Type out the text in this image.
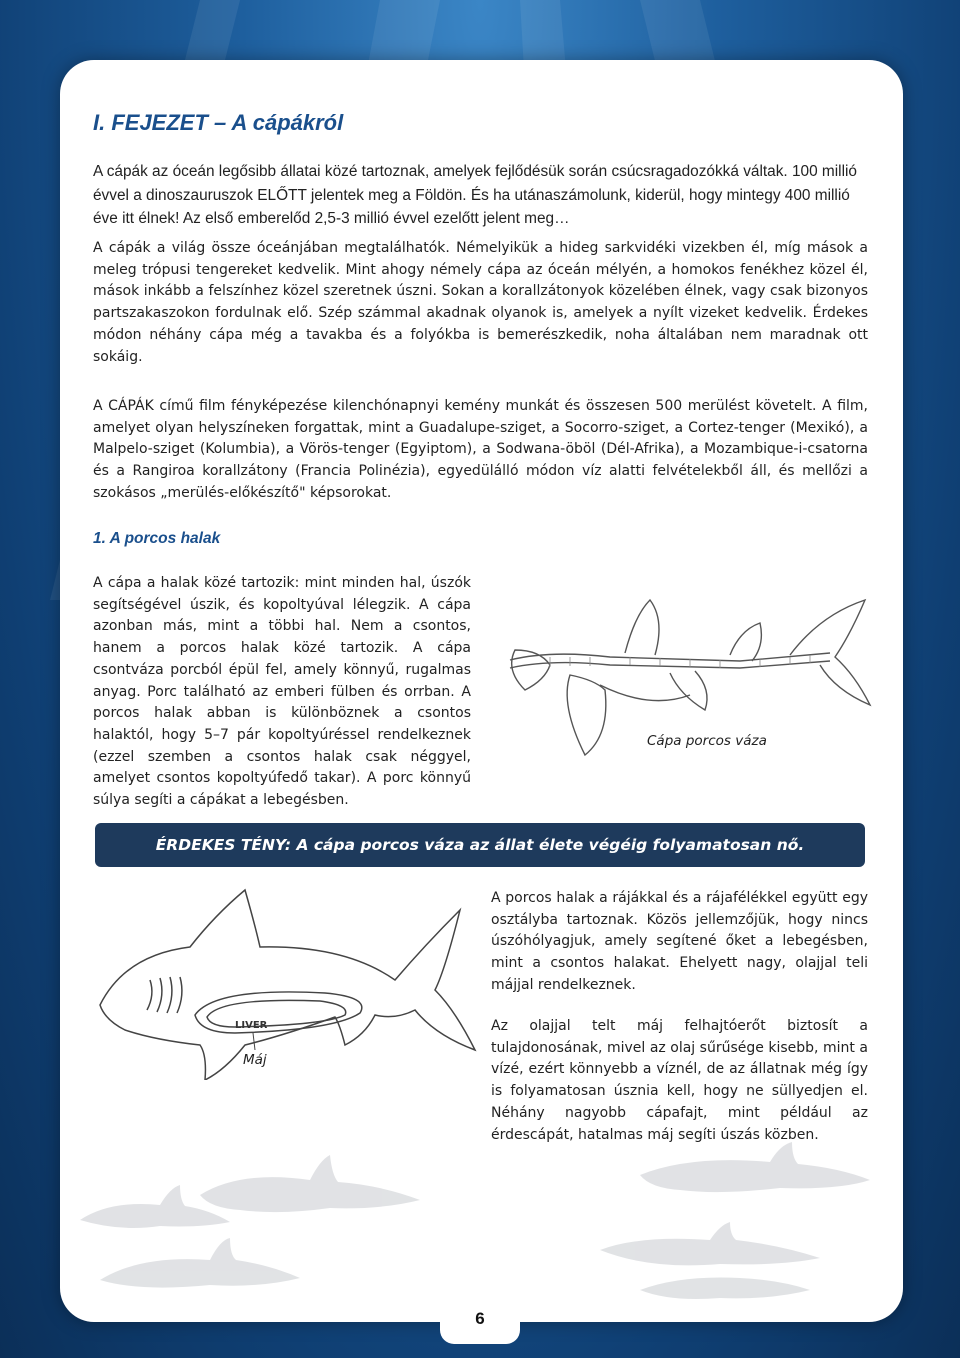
I. FEJEZET – A cápákról
A cápák az óceán legősibb állatai közé tartoznak, amelyek fejlődésük során csúcsragadozókká váltak. 100 millió évvel a dinoszauruszok ELŐTT jelentek meg a Földön. És ha utánaszámolunk, kiderül, hogy mintegy 400 millió éve itt élnek! Az első emberelőd 2,5-3 millió évvel ezelőtt jelent meg…
A cápák a világ össze óceánjában megtalálhatók. Némelyikük a hideg sarkvidéki vizekben él, míg mások a meleg trópusi tengereket kedvelik. Mint ahogy némely cápa az óceán mélyén, a homokos fenékhez közel él, mások inkább a felszínhez közel szeretnek úszni. Sokan a korallzátonyok közelében élnek, vagy csak bizonyos partszakaszokon fordulnak elő. Szép számmal akadnak olyanok is, amelyek a nyílt vizeket kedvelik. Érdekes módon néhány cápa még a tavakba és a folyókba is bemerészkedik, noha általában nem maradnak ott sokáig.
A CÁPÁK című film fényképezése kilenchónapnyi kemény munkát és összesen 500 merülést követelt. A film, amelyet olyan helyszíneken forgattak, mint a Guadalupe-sziget, a Socorro-sziget, a Cortez-tenger (Mexikó), a Malpelo-sziget (Kolumbia), a Vörös-tenger (Egyiptom), a Sodwana-öböl (Dél-Afrika), a Mozambique-i-csatorna és a Rangiroa korallzátony (Francia Polinézia), egyedülálló módon víz alatti felvételekből áll, és mellőzi a szokásos „merülés-előkészítő" képsorokat.
1. A porcos halak
A cápa a halak közé tartozik: mint minden hal, úszók segítségével úszik, és kopoltyúval lélegzik. A cápa azonban más, mint a többi hal. Nem a csontos, hanem a porcos halak közé tartozik. A cápa csontváza porcból épül fel, amely könnyű, rugalmas anyag. Porc található az emberi fülben és orrban. A porcos halak abban is különböznek a csontos halaktól, hogy 5–7 pár kopoltyúréssel rendelkeznek (ezzel szemben a csontos halak csak néggyel, amelyet csontos kopoltyúfedő takar). A porc könnyű súlya segíti a cápákat a lebegésben.
Cápa porcos váza
ÉRDEKES TÉNY: A cápa porcos váza az állat élete végéig folyamatosan nő.
LIVER
Máj
A porcos halak a rájákkal és a rájafélékkel együtt egy osztályba tartoznak. Közös jellemzőjük, hogy nincs úszóhólyagjuk, amely segítené őket a lebegésben, mint a csontos halakat. Ehelyett nagy, olajjal teli májjal rendelkeznek.
Az olajjal telt máj felhajtóerőt biztosít a tulajdonosának, mivel az olaj sűrűsége kisebb, mint a vízé, ezért könnyebb a víznél, de az állatnak még így is folyamatosan úsznia kell, hogy ne süllyedjen el. Néhány nagyobb cápafajt, mint például az érdescápát, hatalmas máj segíti úszás közben.
6
